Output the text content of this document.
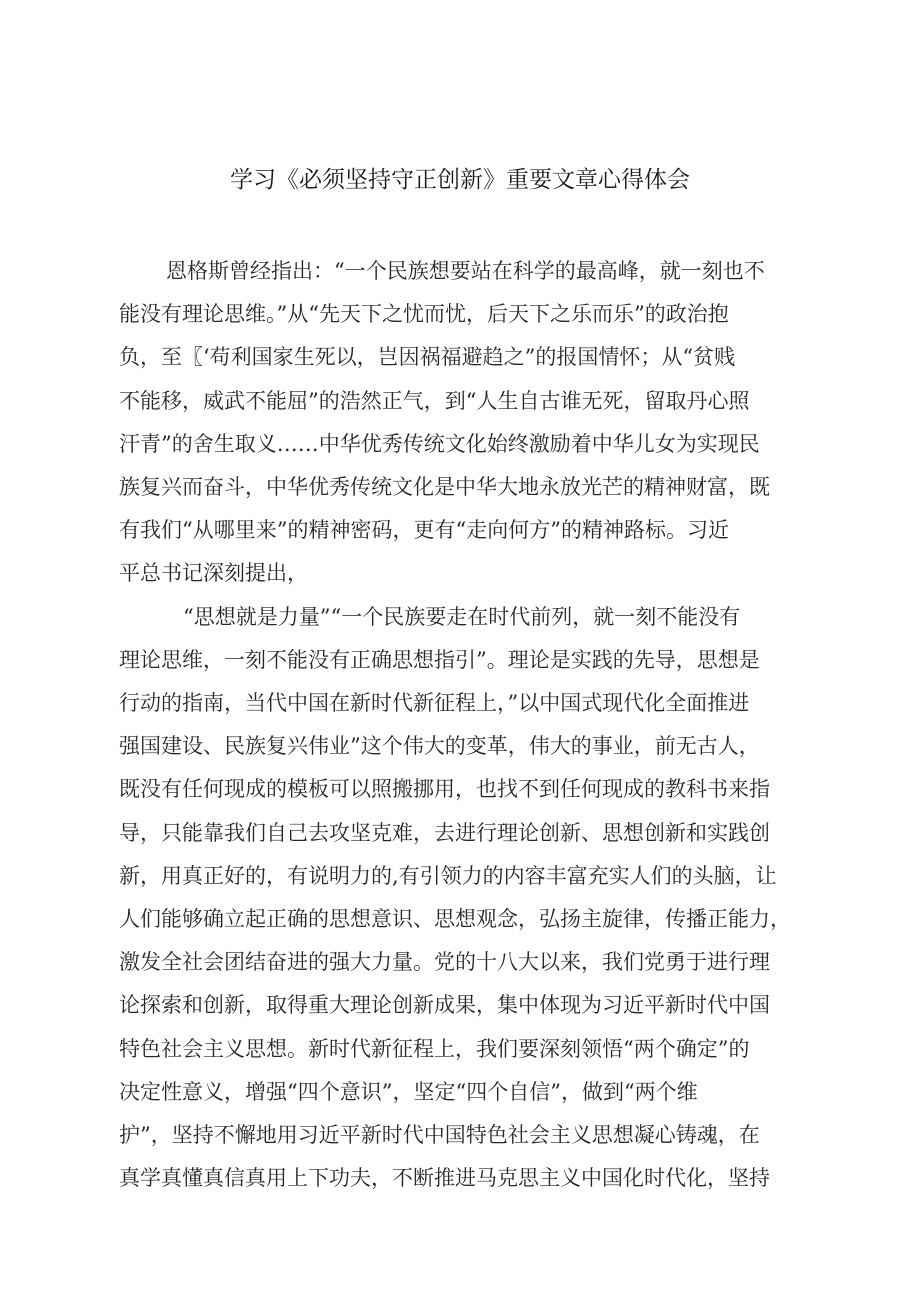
学习《必须坚持守正创新》重要文章心得体会
恩格斯曾经指出：“一个民族想要站在科学的最高峰，就一刻也不
能没有理论思维。”从“先天下之忧而忧，后天下之乐而乐”的政治抱
负，至〖‘苟利国家生死以，岂因祸福避趋之”的报国情怀；从“贫贱
不能移，威武不能屈”的浩然正气，到“人生自古谁无死，留取丹心照
汗青”的舍生取义……中华优秀传统文化始终激励着中华儿女为实现民
族复兴而奋斗，中华优秀传统文化是中华大地永放光芒的精神财富，既
有我们“从哪里来”的精神密码，更有“走向何方”的精神路标。习近
平总书记深刻提出，
“思想就是力量”“一个民族要走在时代前列，就一刻不能没有
理论思维，一刻不能没有正确思想指引”。理论是实践的先导，思想是
行动的指南，当代中国在新时代新征程上，”以中国式现代化全面推进
强国建设、民族复兴伟业”这个伟大的变革，伟大的事业，前无古人，
既没有任何现成的模板可以照搬挪用，也找不到任何现成的教科书来指
导，只能靠我们自己去攻坚克难，去进行理论创新、思想创新和实践创
新，用真正好的，有说明力的,有引领力的内容丰富充实人们的头脑，让
人们能够确立起正确的思想意识、思想观念，弘扬主旋律，传播正能力，
激发全社会团结奋进的强大力量。党的十八大以来，我们党勇于进行理
论探索和创新，取得重大理论创新成果，集中体现为习近平新时代中国
特色社会主义思想。新时代新征程上，我们要深刻领悟“两个确定”的
决定性意义，增强“四个意识”，坚定“四个自信”，做到“两个维
护”，坚持不懈地用习近平新时代中国特色社会主义思想凝心铸魂，在
真学真懂真信真用上下功夫，不断推进马克思主义中国化时代化，坚持
